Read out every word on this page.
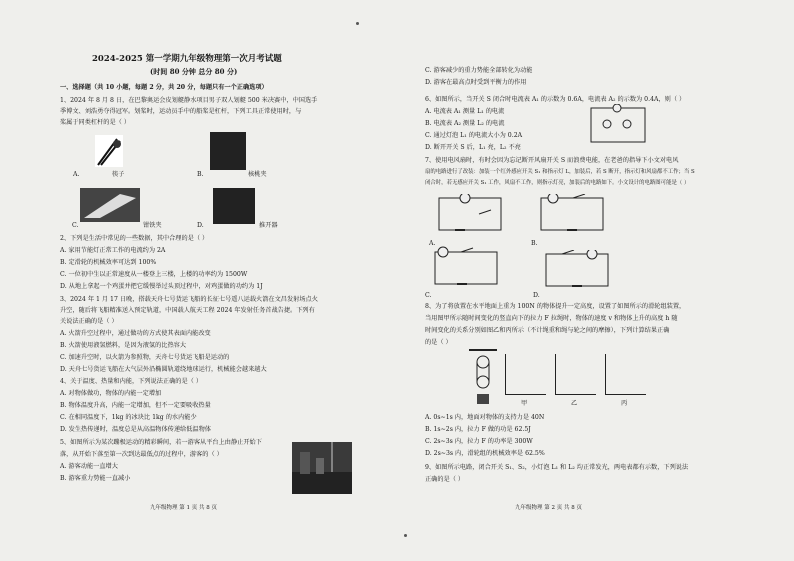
2024-2025 第一学期九年级物理第一次月考试题
(时间 80 分钟 总分 80 分)
一、选择题（共 10 小题，每题 2 分，共 20 分，每题只有一个正确选项）
1、2024 年 8 月 8 日，在巴黎奥运会皮划艇静水项目男子双人划艇 500 米决赛中，中国选手
季博文、刘浩勇夺得冠军。划桨时，运动员手中的船桨是杠杆，下列工具正常使用时，与
桨属于同类杠杆的是（ ）
A.	筷子	B.	核桃夹
C.	钳铁夹	D.	推开器
2、下列是生活中常见的一些数据，其中合理的是（ ）
A. 家用节能灯正常工作的电流约为 2A
B. 定滑轮的机械效率可达到 100%
C. 一位初中生以正常速度从一楼登上三楼，上楼的功率约为 1500W
D. 从地上拿起一个鸡蛋并把它缓慢举过头顶过程中，对鸡蛋做的功约为 1J
3、2024 年 1 月 17 日晚，搭载天舟七号货运飞船的长征七号遥八运载火箭在文昌发射场点火
升空，随后将飞船精准送入预定轨道，中国载人航天工程 2024 年发射任务首战告捷。下列有
关说法正确的是（ ）
A. 火箭升空过程中，通过做功的方式使其表面内能改变
B. 火箭使用液氢燃料，是因为液氢的比热容大
C. 加速升空时，以火箭为参照物，天舟七号货运飞船是运动的
D. 天舟七号货运飞船在大气层外沿椭圆轨道绕地球运行，机械能会越来越大
4、关于温度、热量和内能，下列说法正确的是（ ）
A. 对物体做功，物体的内能一定增加
B. 物体温度升高，内能一定增加，但不一定要吸收热量
C. 在相同温度下，1kg 的冰块比 1kg 的水内能少
D. 发生热传递时，温度总是从高温物体传递给低温物体
5、如图所示为某次蹦极运动的精彩瞬间，若一游客从平台上由静止开始下
落，从开始下落至第一次到达最低点的过程中，游客的（ ）
A. 游客动能一直增大
B. 游客重力势能一直减小
九年级物理 第 1 页 共 8 页
C. 游客减少的重力势能全部转化为动能
D. 游客在最高点时受到平衡力的作用
6、如图所示，当开关 S 闭合时电流表 A₁ 的示数为 0.6A，电流表 A₂ 的示数为 0.4A，则（ ）
A. 电流表 A₁ 测量 L₁ 的电流
B. 电流表 A₂ 测量 L₂ 的电流
C. 通过灯泡 L₁ 的电流大小为 0.2A
D. 断开开关 S 后，L₁ 亮，L₂ 不亮
7、使用电风扇时，有时会因为忘记断开风扇开关 S 而浪费电能，在老爸的指导下小文对电风
扇的电路进行了改装：加装一个红外感应开关 S₁ 和指示灯 L，加装后，若 S 断开，指示灯和风扇都不工作；当 S
闭合时，若无感应开关 S₁ 工作，风扇不工作，则指示灯亮，加装后的电路如下。小文设计的电路图可能是（ ）
A.	B.
C.	D.
8、为了将放置在水平地面上重为 100N 的物体提升一定高度，设置了如图所示的滑轮组装置，
当用图甲所示随时间变化的竖直向下的拉力 F 拉绳时，物体的速度 v 和物体上升的高度 h 随
时间变化的关系分别如图乙和丙所示（不计绳重和绳与轮之间的摩擦），下列计算结果正确
的是（ ）
甲	乙	丙
A. 0s~1s 内，地面对物体的支持力是 40N
B. 1s~2s 内，拉力 F 做的功是 62.5J
C. 2s~3s 内，拉力 F 的功率是 300W
D. 2s~3s 内，滑轮组的机械效率是 62.5%
9、如图所示电路，闭合开关 S₁、S₂，小灯泡 L₁ 和 L₂ 均正常发光，两电表都有示数，下列说法
正确的是（ ）
九年级物理 第 2 页 共 8 页
